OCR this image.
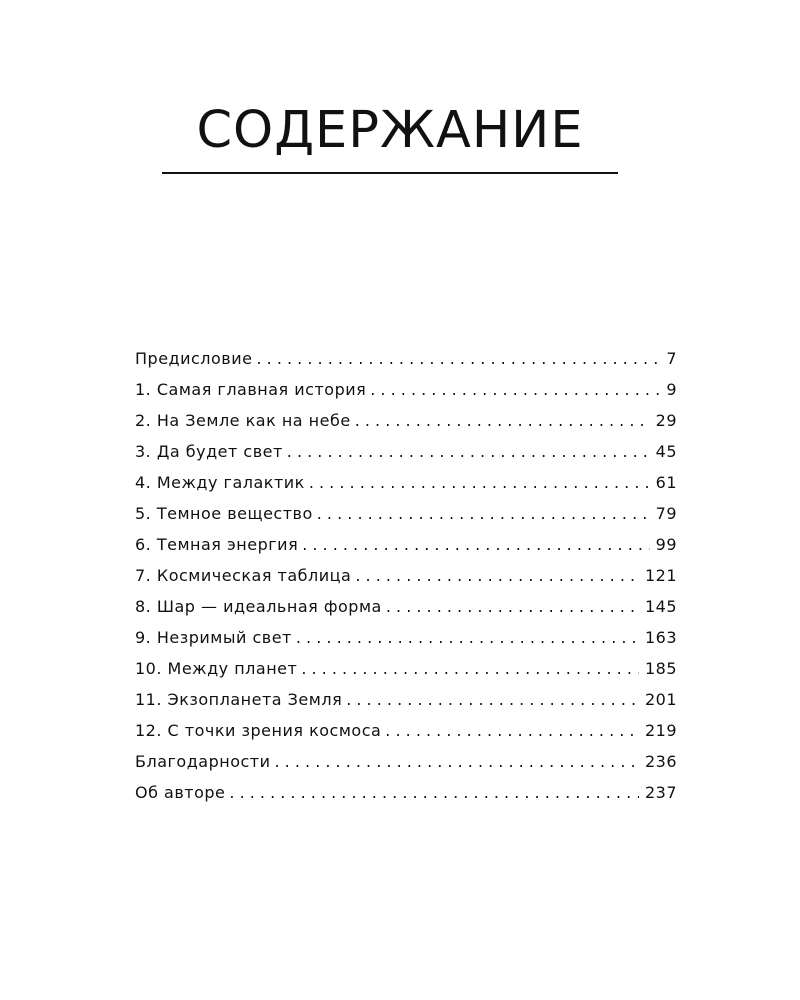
СОДЕРЖАНИЕ
Предисловие . . .	7
1. Самая главная история . . .	9
2. На Земле как на небе . . .	29
3. Да будет свет . . .	45
4. Между галактик . . .	61
5. Темное вещество . . .	79
6. Темная энергия . . .	99
7. Космическая таблица . . .	121
8. Шар — идеальная форма . . .	145
9. Незримый свет . . .	163
10. Между планет . . .	185
11. Экзопланета Земля . . .	201
12. С точки зрения космоса . . .	219
Благодарности . . .	236
Об авторе . . .	237
